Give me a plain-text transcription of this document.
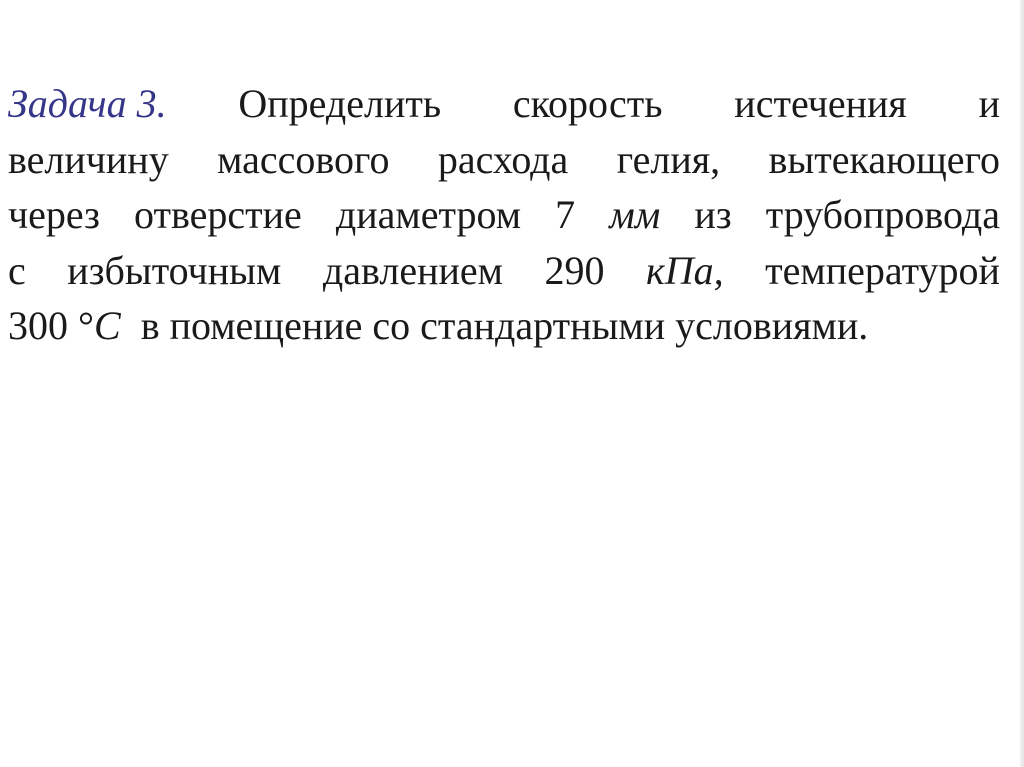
Задача 3. Определить скорость истечения и
величину массового расхода гелия, вытекающего
через отверстие диаметром 7 мм из трубопровода
с избыточным давлением 290 кПа, температурой
300 °C в помещение со стандартными условиями.
